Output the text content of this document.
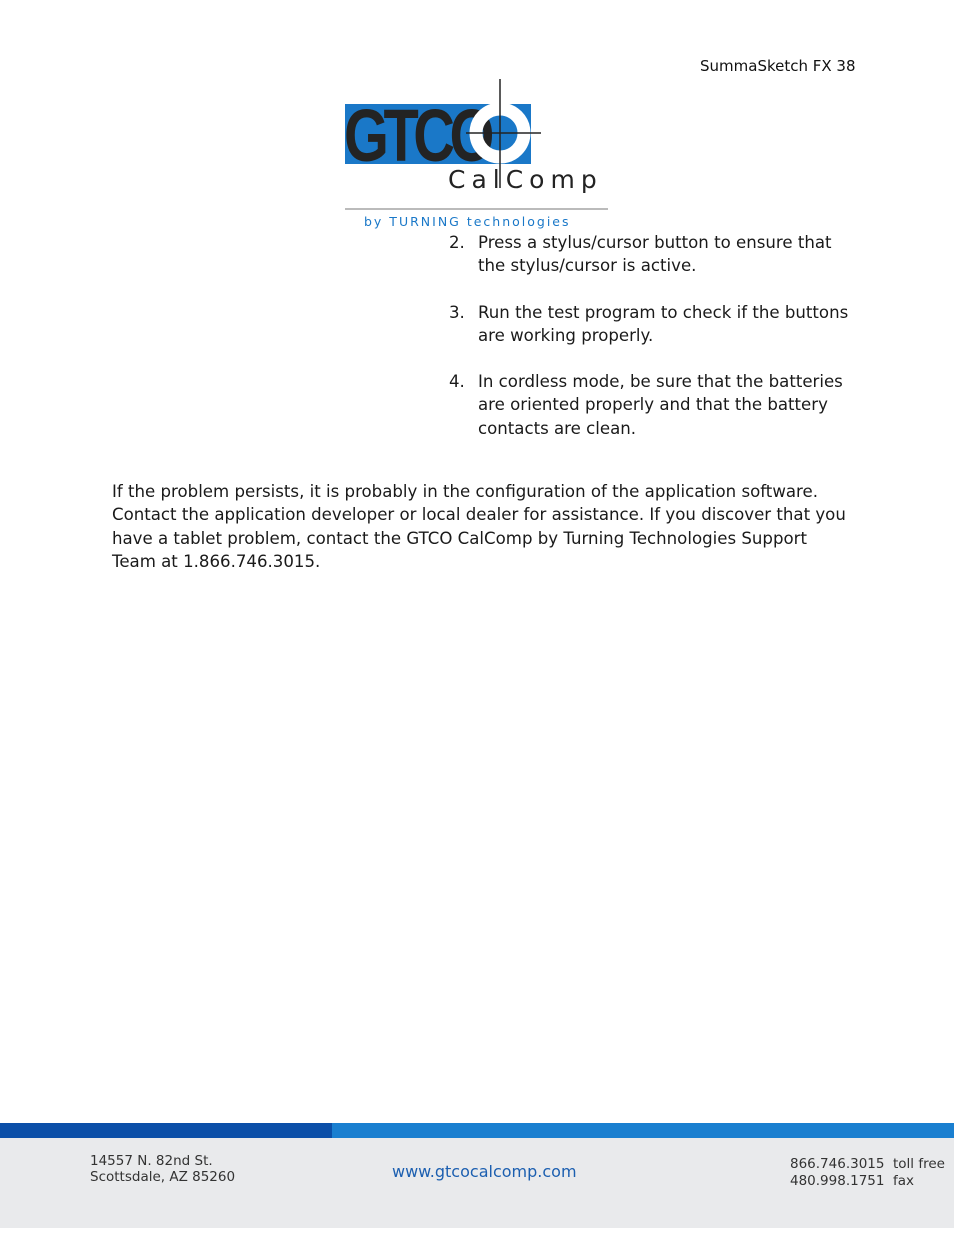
SummaSketch FX 38
GTCO
CalComp
by TURNING technologies
2. Press a stylus/cursor button to ensure that the stylus/cursor is active.
3. Run the test program to check if the buttons are working properly.
4. In cordless mode, be sure that the batteries are oriented properly and that the battery contacts are clean.

If the problem persists, it is probably in the configuration of the application software. Contact the application developer or local dealer for assistance. If you discover that you have a tablet problem, contact the GTCO CalComp by Turning Technologies Support Team at 1.866.746.3015.

14557 N. 82nd St.
Scottsdale, AZ 85260	www.gtcocalcomp.com	866.746.3015 toll free
480.998.1751 fax
